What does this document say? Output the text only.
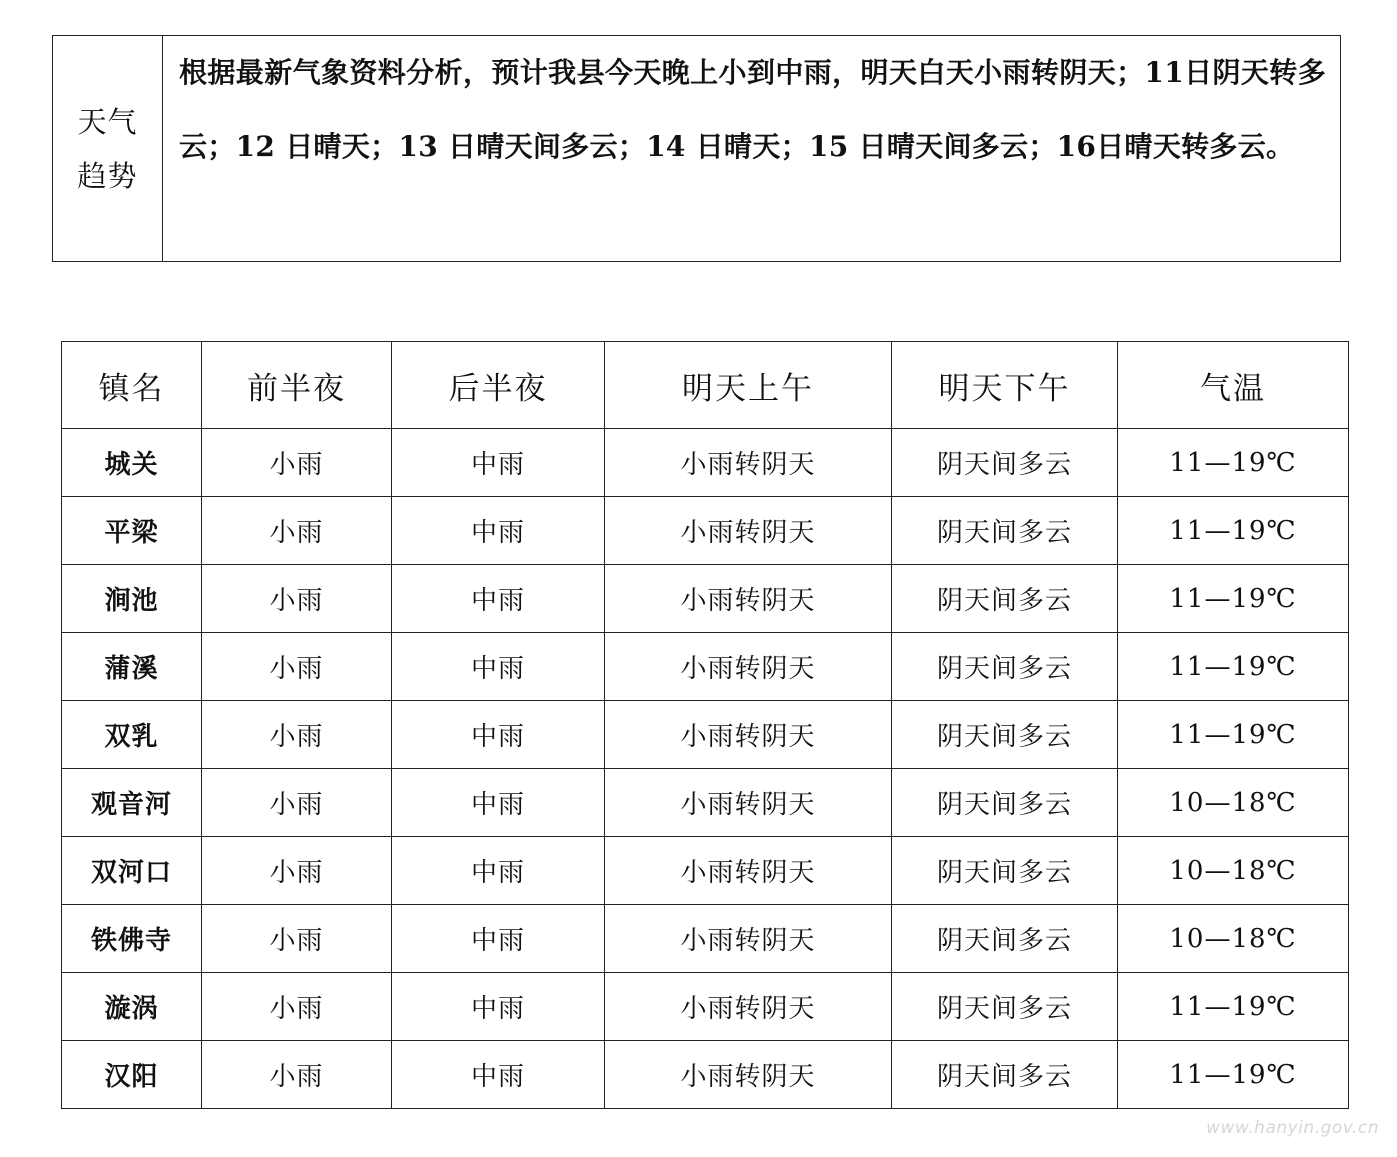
天气
趋势	根据最新气象资料分析，预计我县今天晚上小到中雨，明天白天小雨转阴天；11日阴天转多云；12 日晴天；13 日晴天间多云；14 日晴天；15 日晴天间多云；16日晴天转多云。
镇名	前半夜	后半夜	明天上午	明天下午	气温
城关	小雨	中雨	小雨转阴天	阴天间多云	11—19℃
平梁	小雨	中雨	小雨转阴天	阴天间多云	11—19℃
涧池	小雨	中雨	小雨转阴天	阴天间多云	11—19℃
蒲溪	小雨	中雨	小雨转阴天	阴天间多云	11—19℃
双乳	小雨	中雨	小雨转阴天	阴天间多云	11—19℃
观音河	小雨	中雨	小雨转阴天	阴天间多云	10—18℃
双河口	小雨	中雨	小雨转阴天	阴天间多云	10—18℃
铁佛寺	小雨	中雨	小雨转阴天	阴天间多云	10—18℃
漩涡	小雨	中雨	小雨转阴天	阴天间多云	11—19℃
汉阳	小雨	中雨	小雨转阴天	阴天间多云	11—19℃
www.hanyin.gov.cn
